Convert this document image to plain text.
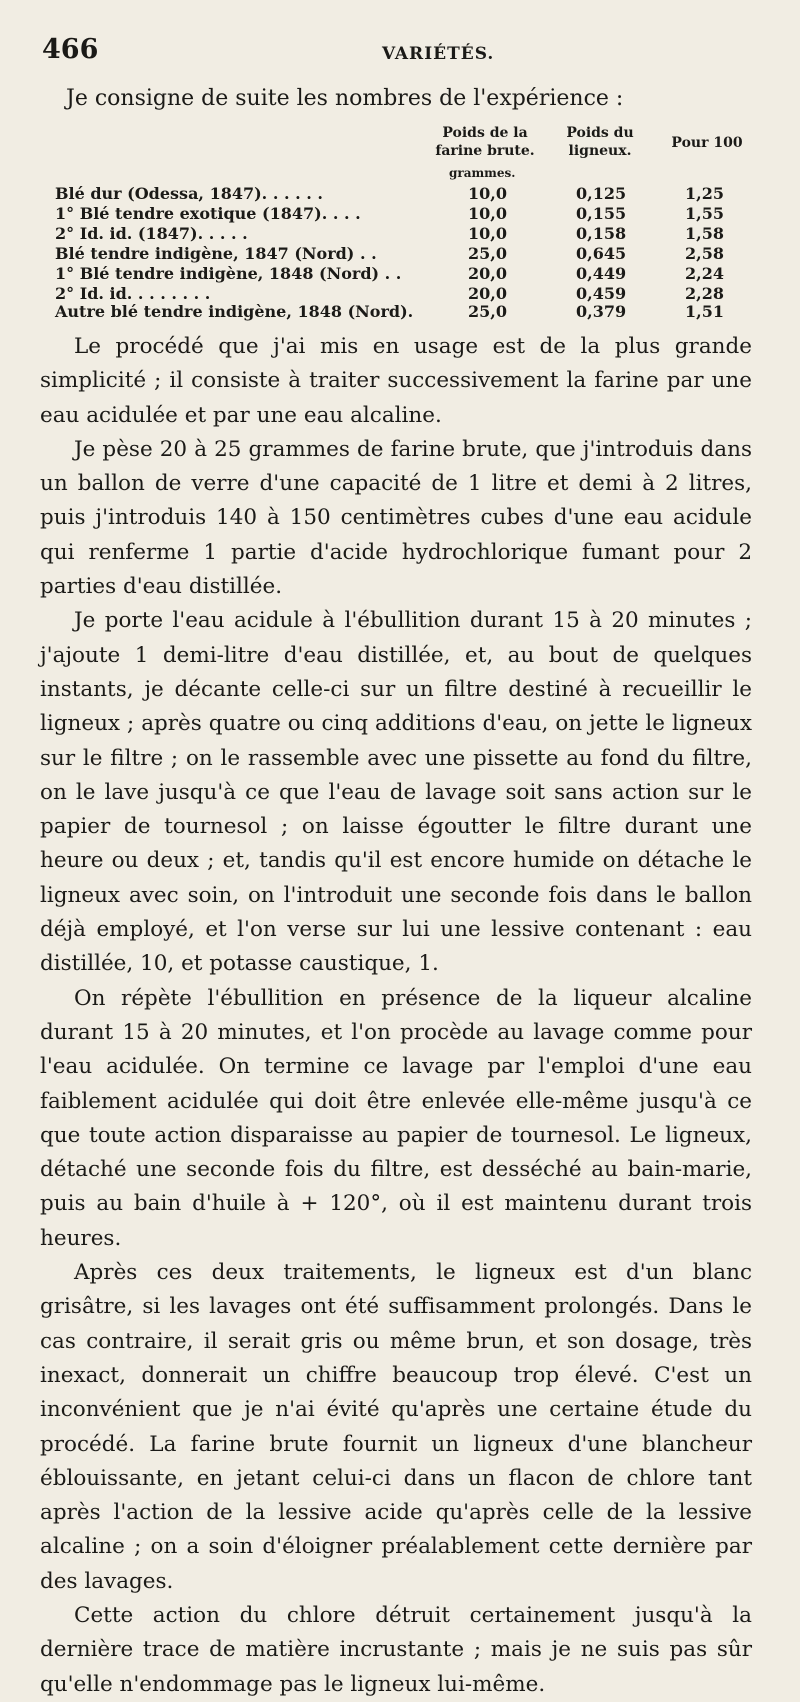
466	VARIÉTÉS.
Je consigne de suite les nombres de l'expérience :
Poids de la farine brute.
Poids du ligneux.	Pour 100
grammes.
Blé dur (Odessa, 1847). . . . . .	10,0	0,125	1,25
1° Blé tendre exotique (1847). . . .	10,0	0,155	1,55
2° Id. id. (1847). . . . .	10,0	0,158	1,58
Blé tendre indigène, 1847 (Nord) . .	25,0	0,645	2,58
1° Blé tendre indigène, 1848 (Nord) . .	20,0	0,449	2,24
2° Id. id. . . . . . . .	20,0	0,459	2,28
Autre blé tendre indigène, 1848 (Nord).	25,0	0,379	1,51

Le procédé que j'ai mis en usage est de la plus grande simplicité ; il consiste à traiter successivement la farine par une eau acidulée et par une eau alcaline.

Je pèse 20 à 25 grammes de farine brute, que j'introduis dans un ballon de verre d'une capacité de 1 litre et demi à 2 litres, puis j'introduis 140 à 150 centimètres cubes d'une eau acidule qui renferme 1 partie d'acide hydrochlorique fumant pour 2 parties d'eau distillée.

Je porte l'eau acidule à l'ébullition durant 15 à 20 minutes ; j'ajoute 1 demi-litre d'eau distillée, et, au bout de quelques instants, je décante celle-ci sur un filtre destiné à recueillir le ligneux ; après quatre ou cinq additions d'eau, on jette le ligneux sur le filtre ; on le rassemble avec une pissette au fond du filtre, on le lave jusqu'à ce que l'eau de lavage soit sans action sur le papier de tournesol ; on laisse égoutter le filtre durant une heure ou deux ; et, tandis qu'il est encore humide on détache le ligneux avec soin, on l'introduit une seconde fois dans le ballon déjà employé, et l'on verse sur lui une lessive contenant : eau distillée, 10, et potasse caustique, 1.

On répète l'ébullition en présence de la liqueur alcaline durant 15 à 20 minutes, et l'on procède au lavage comme pour l'eau acidulée. On termine ce lavage par l'emploi d'une eau faiblement acidulée qui doit être enlevée elle-même jusqu'à ce que toute action disparaisse au papier de tournesol. Le ligneux, détaché une seconde fois du filtre, est desséché au bain-marie, puis au bain d'huile à + 120°, où il est maintenu durant trois heures.

Après ces deux traitements, le ligneux est d'un blanc grisâtre, si les lavages ont été suffisamment prolongés. Dans le cas contraire, il serait gris ou même brun, et son dosage, très inexact, donnerait un chiffre beaucoup trop élevé. C'est un inconvénient que je n'ai évité qu'après une certaine étude du procédé. La farine brute fournit un ligneux d'une blancheur éblouissante, en jetant celui-ci dans un flacon de chlore tant après l'action de la lessive acide qu'après celle de la lessive alcaline ; on a soin d'éloigner préalablement cette dernière par des lavages.

Cette action du chlore détruit certainement jusqu'à la dernière trace de matière incrustante ; mais je ne suis pas sûr qu'elle n'endommage pas le ligneux lui-même.
